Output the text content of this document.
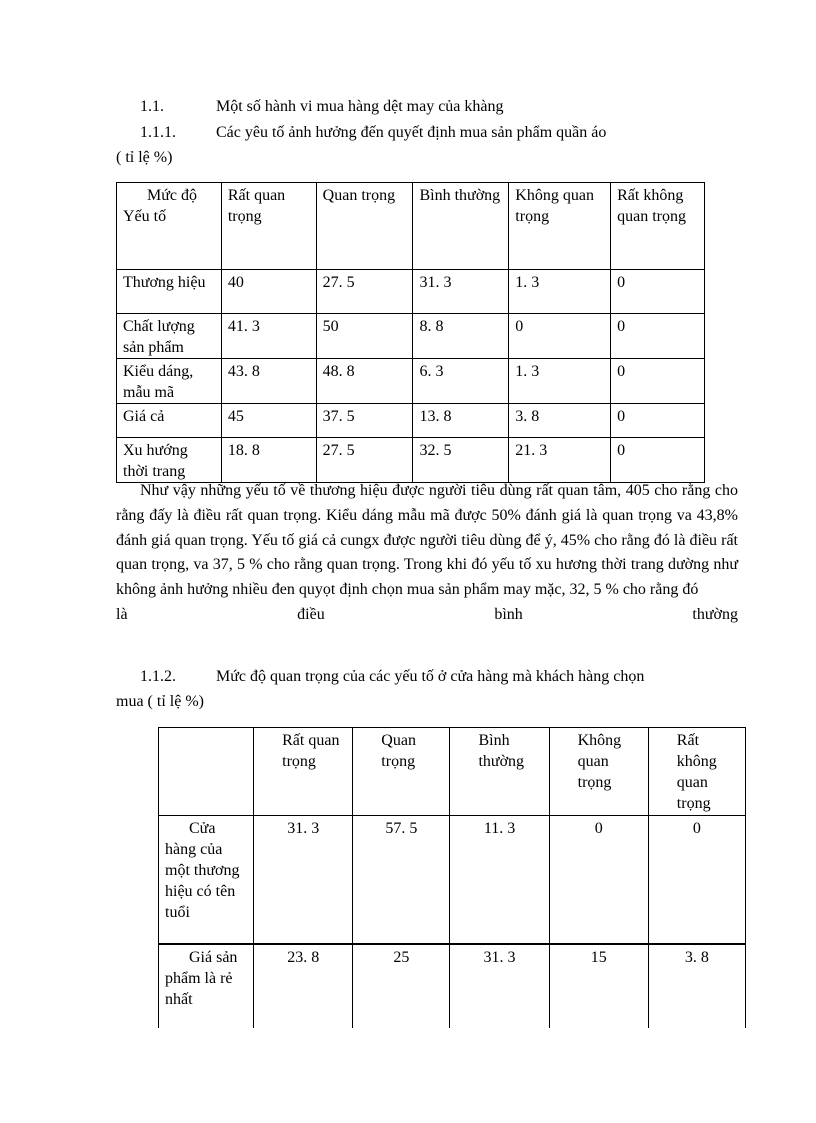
1.1.	Một số hành vi mua hàng dệt may của khàng
1.1.1.	Các yêu tố ảnh hưởng đến quyết định mua sản phẩm quần áo
( tỉ lệ %)
Mức độ
Yếu tố	Rất quan trọng	Quan trọng	Bình thường	Không quan trọng	Rất không quan trọng
Thương hiệu	40	27. 5	31. 3	1. 3	0
Chất lượng sản phẩm	41. 3	50	8. 8	0	0
Kiểu dáng, mẫu mã	43. 8	48. 8	6. 3	1. 3	0
Giá cả	45	37. 5	13. 8	3. 8	0
Xu hướng thời trang	18. 8	27. 5	32. 5	21. 3	0
Như vậy những yếu tố về thương hiệu được người tiêu dùng rất quan tâm, 405 cho rằng cho rằng đấy là điều rất quan trọng. Kiểu dáng mẫu mã được 50% đánh giá là quan trọng va 43,8% đánh giá quan trọng. Yếu tố giá cả cungx được người tiêu dùng để ý, 45% cho rằng đó là điều rất quan trọng, va 37, 5 % cho rằng quan trọng. Trong khi đó yếu tố xu hương thời trang dường như không ảnh hưởng nhiều đen quyọt định chọn mua sản phẩm may mặc, 32, 5 % cho rằng đó
là	điều	bình	thường
1.1.2.	Mức độ quan trọng của các yếu tố ở cửa hàng mà khách hàng chọn
mua ( tỉ lệ %)

	Rất quan trọng	Quan trọng	Bình thường	Không quan trọng	Rất không quan trọng

Cửa hàng của một thương hiệu có tên tuổi	31. 3	57. 5	11. 3	0	0
Giá sản phẩm là rẻ nhất	23. 8	25	31. 3	15	3. 8
